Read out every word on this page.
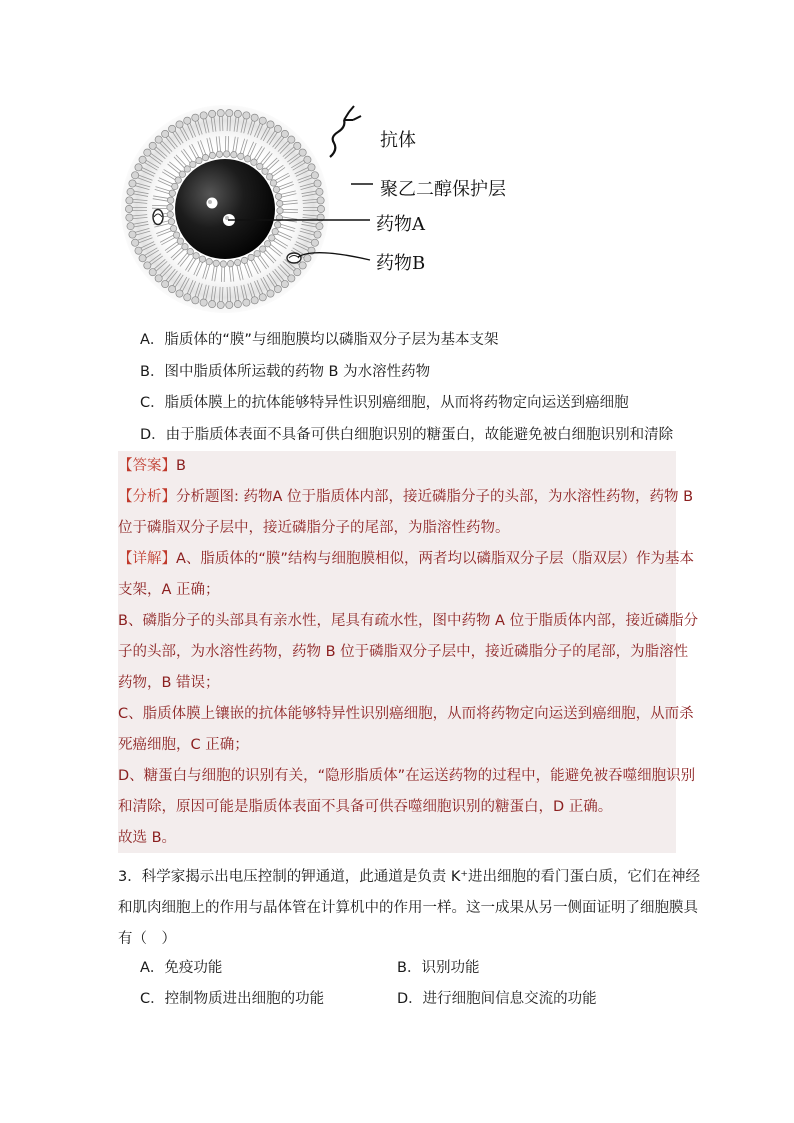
抗体
聚乙二醇保护层
药物A
药物B
A．脂质体的“膜”与细胞膜均以磷脂双分子层为基本支架
B．图中脂质体所运载的药物 B 为水溶性药物
C．脂质体膜上的抗体能够特异性识别癌细胞，从而将药物定向运送到癌细胞
D．由于脂质体表面不具备可供白细胞识别的糖蛋白，故能避免被白细胞识别和清除
【答案】B
【分析】分析题图: 药物A 位于脂质体内部，接近磷脂分子的头部，为水溶性药物，药物 B
位于磷脂双分子层中，接近磷脂分子的尾部，为脂溶性药物。
【详解】A、脂质体的“膜”结构与细胞膜相似，两者均以磷脂双分子层（脂双层）作为基本
支架，A 正确；
B、磷脂分子的头部具有亲水性，尾具有疏水性，图中药物 A 位于脂质体内部，接近磷脂分
子的头部，为水溶性药物，药物 B 位于磷脂双分子层中，接近磷脂分子的尾部，为脂溶性
药物，B 错误；
C、脂质体膜上镶嵌的抗体能够特异性识别癌细胞，从而将药物定向运送到癌细胞，从而杀
死癌细胞，C 正确；
D、糖蛋白与细胞的识别有关，“隐形脂质体”在运送药物的过程中，能避免被吞噬细胞识别
和清除，原因可能是脂质体表面不具备可供吞噬细胞识别的糖蛋白，D 正确。
故选 B。
3．科学家揭示出电压控制的钾通道，此通道是负责 K⁺进出细胞的看门蛋白质，它们在神经
和肌肉细胞上的作用与晶体管在计算机中的作用一样。这一成果从另一侧面证明了细胞膜具
有（　）
A．免疫功能	B．识别功能
C．控制物质进出细胞的功能	D．进行细胞间信息交流的功能
